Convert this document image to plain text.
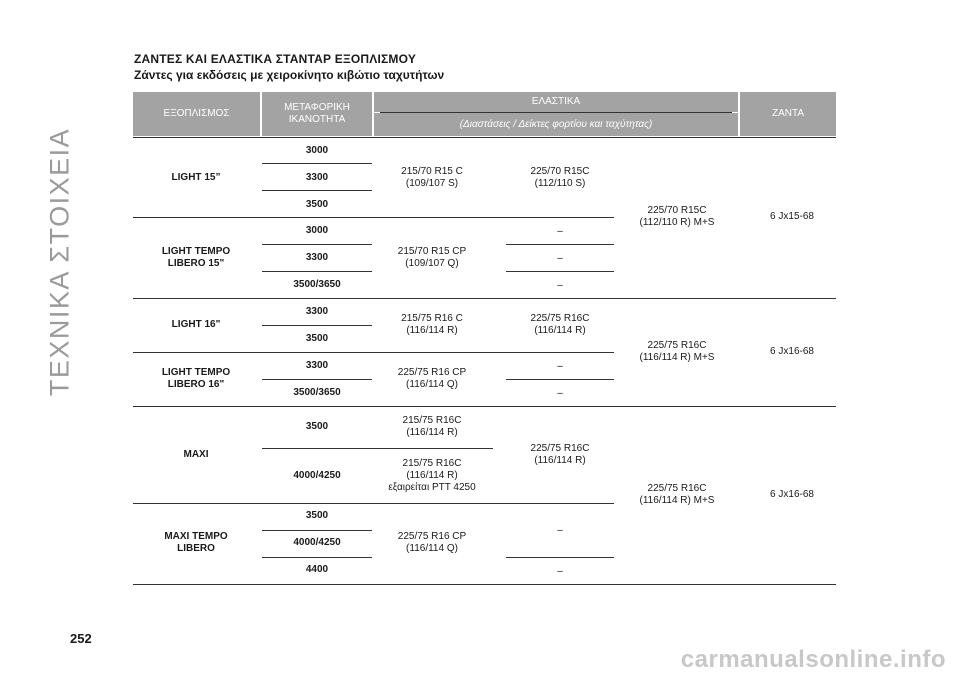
ΤΕΧΝΙΚΑ ΣΤΟΙΧΕΙΑ
ΖΑΝΤΕΣ ΚΑΙ ΕΛΑΣΤΙΚΑ ΣΤΑΝΤΑΡ ΕΞΟΠΛΙΣΜΟΥ
Ζάντες για εκδόσεις με χειροκίνητο κιβώτιο ταχυτήτων
ΕΞΟΠΛΙΣΜΟΣ
ΜΕΤΑΦΟΡΙΚΗ
ΙΚΑΝΟΤΗΤΑ
ΕΛΑΣΤΙΚΑ
(Διαστάσεις / Δείκτες φορτίου και ταχύτητας)
ΖΑΝΤΑ
LIGHT 15”
3000
3300
3500
215/70 R15 C
(109/107 S)
225/70 R15C
(112/110 S)
LIGHT TEMPO
LIBERO 15"
3000
3300
3500/3650
215/70 R15 CP
(109/107 Q)
–
–
–
225/70 R15C
(112/110 R) M+S
6 Jx15-68
LIGHT 16"
3300
3500
215/75 R16 C
(116/114 R)
225/75 R16C
(116/114 R)
LIGHT TEMPO
LIBERO 16"
3300
3500/3650
225/75 R16 CP
(116/114 Q)
–
–
225/75 R16C
(116/114 R) M+S
6 Jx16-68
MAXI
3500
4000/4250
215/75 R16C
(116/114 R)
215/75 R16C
(116/114 R)
εξαιρείται PTT 4250
225/75 R16C
(116/114 R)
MAXI TEMPO
LIBERO
3500
4000/4250
4400
225/75 R16 CP
(116/114 Q)
–
–
225/75 R16C
(116/114 R) M+S
6 Jx16-68
252
carmanualsonline.info
